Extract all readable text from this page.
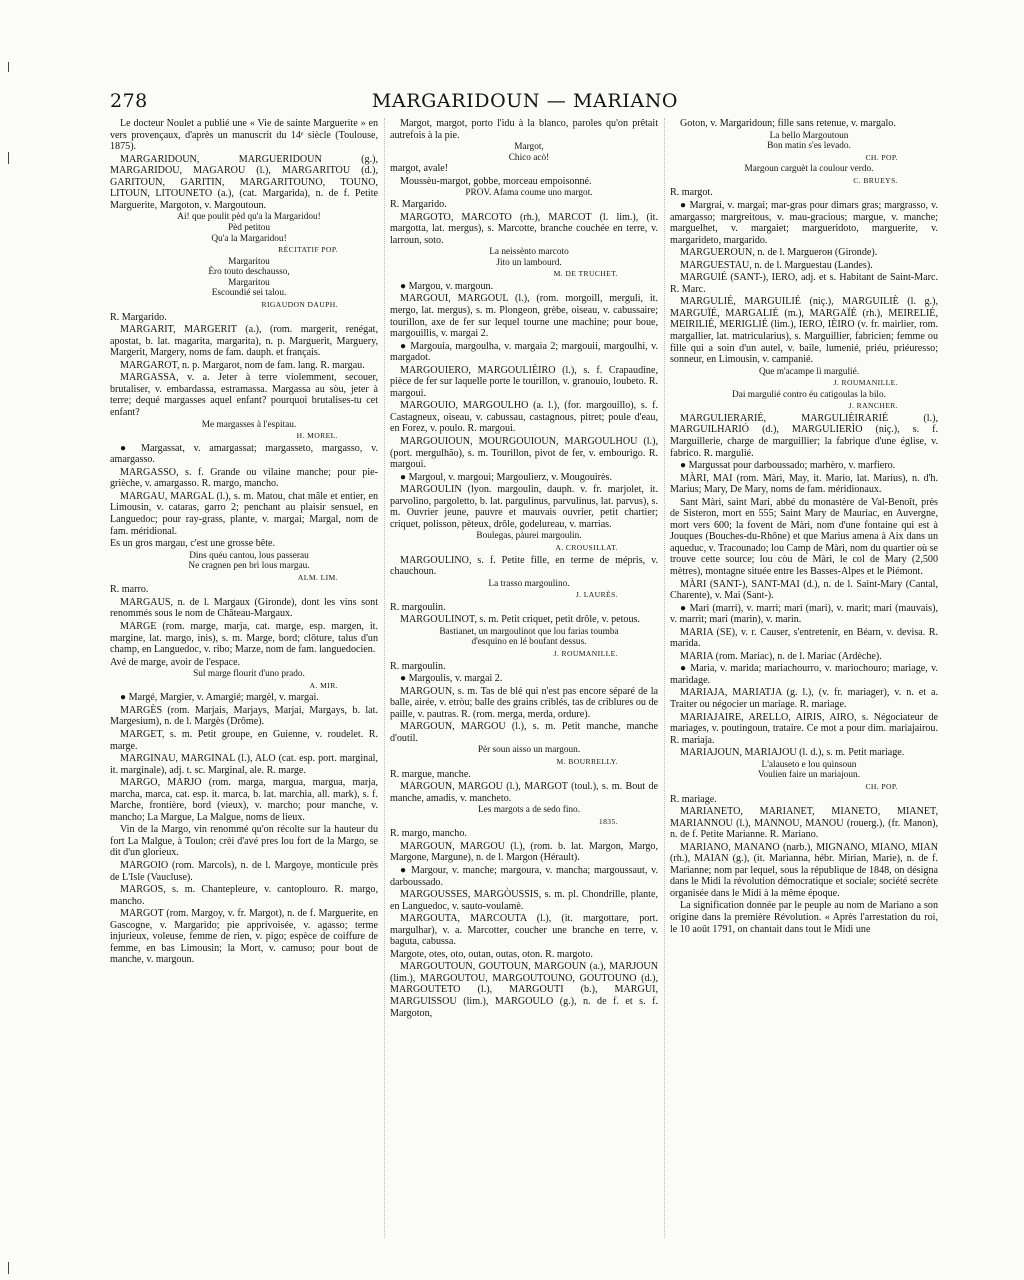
278	MARGARIDOUN — MARIANO

Le docteur Noulet a publié une « Vie de sainte Marguerite » en vers provençaux, d'après un manuscrit du 14ᵉ siècle (Toulouse, 1875).

MARGARIDOUN, MARGUERIDOUN (g.), MARGARIDOU, MAGAROU (l.), MARGARITOU (d.), GARITOUN, GARITIN, MARGARITOUNO, TOUNO, LITOUN, LITOUNETO (a.), (cat. Margarida), n. de f. Petite Marguerite, Margoton, v. Margoutoun.

Ai! que poulit pèd qu'a la Margaridou!

Pèd petitou

Qu'a la Margaridou!

RÉCITATIF POP.

Margaritou

Èro touto deschausso,

Margaritou

Escoundié sei talou.

RIGAUDON DAUPH.

R. Margarido.

MARGARIT, MARGERIT (a.), (rom. margerit, renégat, apostat, b. lat. magarita, margarita), n. p. Marguerit, Marguery, Margerit, Margery, noms de fam. dauph. et français.

MARGAROT, n. p. Margarot, nom de fam. lang. R. margau.

MARGASSA, v. a. Jeter à terre violemment, secouer, brutaliser, v. embardassa, estramassa. Margassa au sòu, jeter à terre; dequé margasses aquel enfant? pourquoi brutalises-tu cet enfant?

Me margasses à l'espitau.

H. MOREL.

● Margassat, v. amargassat; margasseto, margasso, v. amargasso.

MARGASSO, s. f. Grande ou vilaine manche; pour pie-grièche, v. amargasso. R. margo, mancho.

MARGAU, MARGAL (l.), s. m. Matou, chat mâle et entier, en Limousin, v. cataras, garro 2; penchant au plaisir sensuel, en Languedoc; pour ray-grass, plante, v. margai; Margal, nom de fam. méridional.

Es un gros margau, c'est une grosse bête.

Dins quéu cantou, lous passerau

Ne cragnen pen brì lous margau.

ALM. LIM.

R. marro.

MARGAUS, n. de l. Margaux (Gironde), dont les vins sont renommés sous le nom de Château-Margaux.

MARGE (rom. marge, marja, cat. marge, esp. margen, it. margine, lat. margo, inis), s. m. Marge, bord; clôture, talus d'un champ, en Languedoc, v. ribo; Marze, nom de fam. languedocien.

Avé de marge, avoir de l'espace.

Sul marge flourit d'uno prado.

A. MIR.

● Margé, Margier, v. Amargié; margèl, v. margai.

MARGÈS (rom. Marjais, Marjays, Marjai, Margays, b. lat. Margesium), n. de l. Margès (Drôme).

MARGET, s. m. Petit groupe, en Guienne, v. roudelet. R. marge.

MARGINAU, MARGINAL (l.), ALO (cat. esp. port. marginal, it. marginale), adj. t. sc. Marginal, ale. R. marge.

MARGO, MARJO (rom. marga, margua, margua, marja, marcha, marca, cat. esp. it. marca, b. lat. marchia, all. mark), s. f. Marche, frontière, bord (vieux), v. marcho; pour manche, v. mancho; La Margue, La Malgue, noms de lieux.

Vin de la Margo, vin renommé qu'on récolte sur la hauteur du fort La Malgue, à Toulon; crèi d'avé pres lou fort de la Margo, se dit d'un glorieux.

MARGOIO (rom. Marcols), n. de l. Margoye, monticule près de L'Isle (Vaucluse).

MARGOS, s. m. Chantepleure, v. cantoplouro. R. margo, mancho.

MARGOT (rom. Margoy, v. fr. Margot), n. de f. Marguerite, en Gascogne, v. Margarido; pie apprivoisée, v. agasso; terme injurieux, voleuse, femme de rien, v. pigo; espèce de coiffure de femme, en bas Limousin; la Mort, v. camuso; pour bout de manche, v. margoun.

Margot, margot, porto l'idu à la blanco, paroles qu'on prêtait autrefois à la pie.

Margot,

Chico acò!

margot, avale!

Moussèu-margot, gobbe, morceau empoisonné.

PROV. Afama coume uno margot.

R. Margarido.

MARGOTO, MARCOTO (rh.), MARCOT (l. lim.), (it. margotta, lat. mergus), s. Marcotte, branche couchée en terre, v. larroun, soto.

La neissènto marcoto

Jito un lambourd.

M. DE TRUCHET.

● Margou, v. margoun.

MARGOUI, MARGOUL (l.), (rom. morgoill, merguli, it. mergo, lat. mergus), s. m. Plongeon, grèbe, oiseau, v. cabussaire; tourillon, axe de fer sur lequel tourne une machine; pour boue, margouillis, v. margai 2.

● Margouia, margoulha, v. margaia 2; margouii, margoulhi, v. margadot.

MARGOUIERO, MARGOULIÈIRO (l.), s. f. Crapaudine, pièce de fer sur laquelle porte le tourillon, v. granouio, loubeto. R. margoui.

MARGOUIO, MARGOULHO (a. l.), (for. margouillo), s. f. Castagneux, oiseau, v. cabussau, castagnous, pitret; poule d'eau, en Forez, v. poulo. R. margoui.

MARGOUIOUN, MOURGOUIOUN, MARGOULHOU (l.), (port. mergulhão), s. m. Tourillon, pivot de fer, v. embourigo. R. margoui.

● Margoul, v. margoui; Margoulierz, v. Mougouirès.

MARGOULIN (lyon. margoulin, dauph. v. fr. marjolet, it. parvolino, pargoletto, b. lat. pargulinus, parvulinus, lat. parvus), s. m. Ouvrier jeune, pauvre et mauvais ouvrier, petit chartier; criquet, polisson, pèteux, drôle, godelureau, v. marrias.

Boulegas, pàurei margoulin.

A. CROUSILLAT.

MARGOULINO, s. f. Petite fille, en terme de mépris, v. chauchoun.

La trasso margoulino.

J. LAURÈS.

R. margoulin.

MARGOULINOT, s. m. Petit criquet, petit drôle, v. petous.

Bastianet, un margoulinot que lou farias toumba

d'esquino en lé boufant dessus.

J. ROUMANILLE.

R. margoulin.

● Margoulis, v. margai 2.

MARGOUN, s. m. Tas de blé qui n'est pas encore séparé de la balle, airée, v. etròu; balle des grains criblés, tas de criblures ou de paille, v. pautras. R. (rom. merga, merda, ordure).

MARGOUN, MARGOU (l.), s. m. Petit manche, manche d'outil.

Pèr soun aisso un margoun.

M. BOURRELLY.

R. margue, manche.

MARGOUN, MARGOU (l.), MARGOT (toul.), s. m. Bout de manche, amadis, v. mancheto.

Les margots a de sedo fino.

1835.

R. margo, mancho.

MARGOUN, MARGOU (l.), (rom. b. lat. Margon, Margo, Margone, Margune), n. de l. Margon (Hérault).

● Margour, v. manche; margoura, v. mancha; margoussaut, v. darboussado.

MARGOUSSES, MARGÒUSSIS, s. m. pl. Chondrille, plante, en Languedoc, v. sauto-voulamè.

MARGOUTA, MARCOUTA (l.), (it. margottare, port. margulhar), v. a. Marcotter, coucher une branche en terre, v. baguta, cabussa.

Margote, otes, oto, outan, outas, oton. R. margoto.

MARGOUTOUN, GOUTOUN, MARGOUN (a.), MARJOUN (lim.), MARGOUTOU, MARGOUTOUNO, GOUTOUNO (d.), MARGOUTETO (l.), MARGOUTI (b.), MARGUI, MARGUISSOU (lim.), MARGOULO (g.), n. de f. et s. f. Margoton,

Goton, v. Margaridoun; fille sans retenue, v. margalo.

La bello Margoutoun

Bon matin s'es levado.

CH. POP.

Margoun carguèt la coulour verdo.

C. BRUEYS.

R. margot.

● Margrai, v. margai; mar-gras pour dimars gras; margrasso, v. amargasso; margreitous, v. mau-gracious; margue, v. manche; marguelhet, v. margaiet; margueridoto, marguerite, v. margarideto, margarido.

MARGUEROUN, n. de l. Marguerон (Gironde).

MARGUESTAU, n. de l. Marguestau (Landes).

MARGUIÉ (SANT-), IERO, adj. et s. Habitant de Saint-Marc. R. Marc.

MARGULIÉ, MARGUILIÉ (niç.), MARGUILIÈ (l. g.), MARGUÏÉ, MARGALIÉ (m.), MARGAÏÉ (rh.), MEIRELIÉ, MEIRILIÉ, MERIGLIÉ (lim.), IERO, IÈIRO (v. fr. mairlier, rom. margallier, lat. matricularius), s. Marguillier, fabricien; femme ou fille qui a soin d'un autel, v. baile, lumenié, priéu, priéuresso; sonneur, en Limousin, v. campanié.

Que m'acampe lì margulié.

J. ROUMANILLE.

Dai margulié contro éu catigoulas la bilo.

J. RANCHER.

MARGULIERARIÉ, MARGULIÈIRARIÉ (l.), MARGUILHARIÓ (d.), MARGULIERÌO (niç.), s. f. Marguillerie, charge de marguillier; la fabrique d'une église, v. fabrico. R. margulié.

● Margussat pour darboussado; marhèro, v. marfiero.

MÀRI, MAI (rom. Màri, May, it. Mario, lat. Marius), n. d'h. Marius; Mary, De Mary, noms de fam. méridionaux.

Sant Màri, saint Mari, abbé du monastère de Val-Benoît, près de Sisteron, mort en 555; Saint Mary de Mauriac, en Auvergne, mort vers 600; la fovent de Màri, nom d'une fontaine qui est à Jouques (Bouches-du-Rhône) et que Marius amena à Aix dans un aqueduc, v. Tracounado; lou Camp de Màri, nom du quartier où se trouve cette source; lou còu de Màri, le col de Mary (2,500 mètres), montagne située entre les Basses-Alpes et le Piémont.

MÀRI (SANT-), SANT-MAI (d.), n. de l. Saint-Mary (Cantal, Charente), v. Mai (Sant-).

● Mari (marri), v. marri; mari (mari), v. marit; mari (mauvais), v. marrit; mari (marin), v. marin.

MARIA (SE), v. r. Causer, s'entretenir, en Béarn, v. devisa. R. marida.

MARIA (rom. Mariac), n. de l. Mariac (Ardèche).

● Maria, v. marida; mariachourro, v. mariochouro; mariage, v. maridage.

MARIAJA, MARIATJA (g. l.), (v. fr. mariager), v. n. et a. Traiter ou négocier un mariage. R. mariage.

MARIAJAIRE, ARELLO, AIRIS, AIRO, s. Négociateur de mariages, v. poutingoun, trataire. Ce mot a pour dim. mariajairou. R. mariaja.

MARIAJOUN, MARIAJOU (l. d.), s. m. Petit mariage.

L'alauseto e lou quinsoun

Voulien faire un mariajoun.

CH. POP.

R. mariage.

MARIANETO, MARIANET, MIANETO, MIANET, MARIANNOU (l.), MANNOU, MANOU (rouerg.), (fr. Manon), n. de f. Petite Marianne. R. Mariano.

MARIANO, MANANO (narb.), MIGNANO, MIANO, MIAN (rh.), MAIAN (g.), (it. Marianna, hébr. Mirian, Marie), n. de f. Marianne; nom par lequel, sous la république de 1848, on désigna dans le Midi la révolution démocratique et sociale; société secrète organisée dans le Midi à la même époque.

La signification donnée par le peuple au nom de Mariano a son origine dans la première Révolution. « Après l'arrestation du roi, le 10 août 1791, on chantait dans tout le Midi une
